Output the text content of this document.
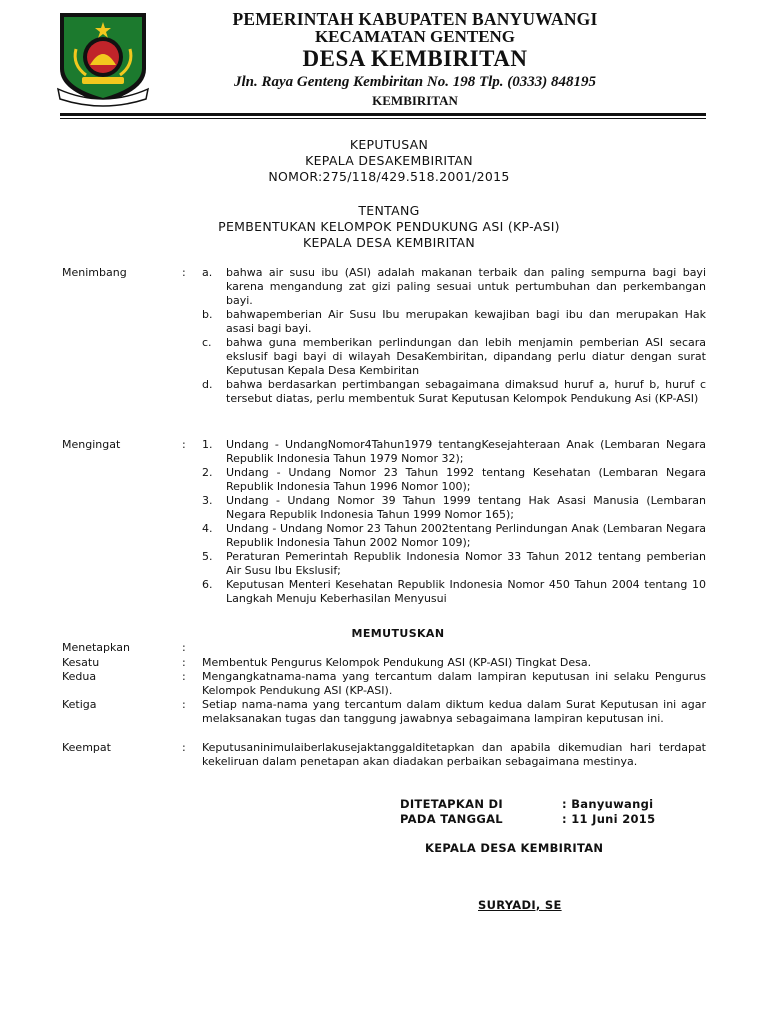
PEMERINTAH KABUPATEN BANYUWANGI
KECAMATAN GENTENG
DESA KEMBIRITAN
Jln. Raya Genteng Kembiritan No. 198 Tlp. (0333) 848195
KEMBIRITAN
KEPUTUSAN
KEPALA DESAKEMBIRITAN
NOMOR:275/118/429.518.2001/2015
TENTANG
PEMBENTUKAN KELOMPOK PENDUKUNG ASI (KP-ASI)
KEPALA DESA KEMBIRITAN
Menimbang	: a. bahwa air susu ibu (ASI) adalah makanan terbaik dan paling sempurna bagi bayi karena mengandung zat gizi paling sesuai untuk pertumbuhan dan perkembangan bayi.
b. bahwapemberian Air Susu Ibu merupakan kewajiban bagi ibu dan merupakan Hak asasi bagi bayi.
c. bahwa guna memberikan perlindungan dan lebih menjamin pemberian ASI secara ekslusif bagi bayi di wilayah DesaKembiritan, dipandang perlu diatur dengan surat Keputusan Kepala Desa Kembiritan
d. bahwa berdasarkan pertimbangan sebagaimana dimaksud huruf a, huruf b, huruf c tersebut diatas, perlu membentuk Surat Keputusan Kelompok Pendukung Asi (KP-ASI)
Mengingat	: 1. Undang - UndangNomor4Tahun1979 tentangKesejahteraan Anak (Lembaran Negara Republik Indonesia Tahun 1979 Nomor 32);
2. Undang - Undang Nomor 23 Tahun 1992 tentang Kesehatan (Lembaran Negara Republik Indonesia Tahun 1996 Nomor 100);
3. Undang - Undang Nomor 39 Tahun 1999 tentang Hak Asasi Manusia (Lembaran Negara Republik Indonesia Tahun 1999 Nomor 165);
4. Undang - Undang Nomor 23 Tahun 2002tentang Perlindungan Anak (Lembaran Negara Republik Indonesia Tahun 2002 Nomor 109);
5. Peraturan Pemerintah Republik Indonesia Nomor 33 Tahun 2012 tentang pemberian Air Susu Ibu Ekslusif;
6. Keputusan Menteri Kesehatan Republik Indonesia Nomor 450 Tahun 2004 tentang 10 Langkah Menuju Keberhasilan Menyusui
MEMUTUSKAN
Menetapkan	:
Kesatu	: Membentuk Pengurus Kelompok Pendukung ASI (KP-ASI) Tingkat Desa.
Kedua	: Mengangkatnama-nama yang tercantum dalam lampiran keputusan ini selaku Pengurus Kelompok Pendukung ASI (KP-ASI).
Ketiga	: Setiap nama-nama yang tercantum dalam diktum kedua dalam Surat Keputusan ini agar melaksanakan tugas dan tanggung jawabnya sebagaimana lampiran keputusan ini.
Keempat	: Keputusaninimulaiberlakusejaktanggalditetapkan dan apabila dikemudian hari terdapat kekeliruan dalam penetapan akan diadakan perbaikan sebagaimana mestinya.
DITETAPKAN DI	: Banyuwangi
PADA TANGGAL	: 11 Juni 2015
KEPALA DESA KEMBIRITAN
SURYADI, SE
